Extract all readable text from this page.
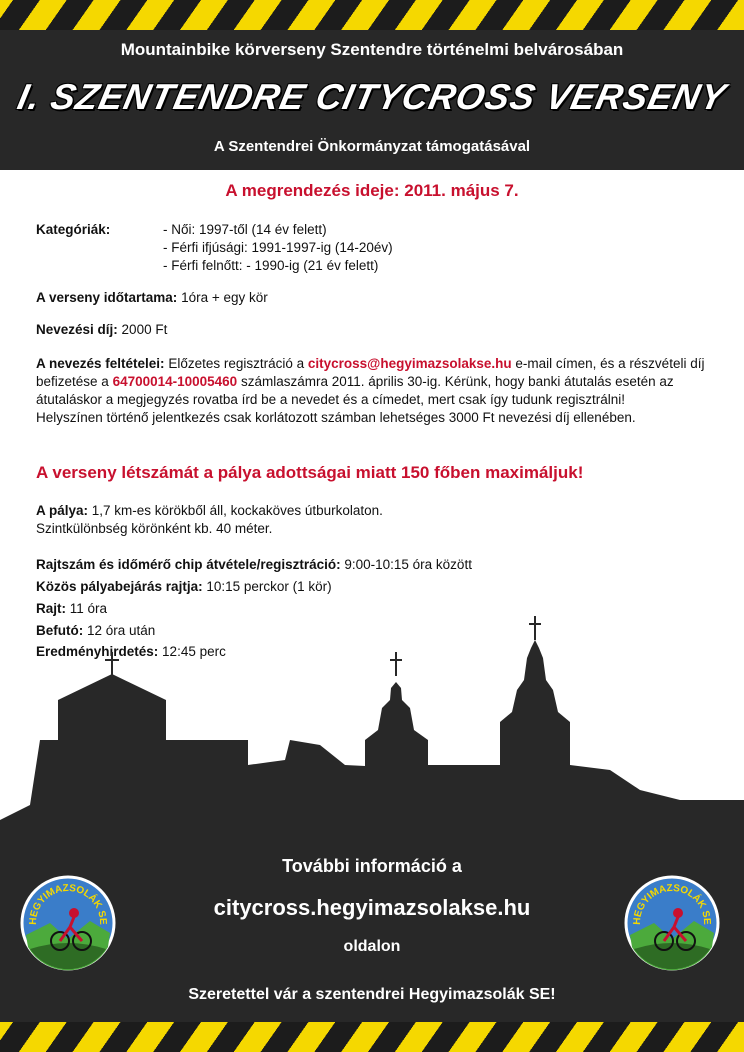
Mountainbike körverseny Szentendre történelmi belvárosában
I. SZENTENDRE CITYCROSS VERSENY
A Szentendrei Önkormányzat támogatásával
A megrendezés ideje: 2011. május 7.
Kategóriák:	- Női: 1997-től (14 év felett)
- Férfi ifjúsági: 1991-1997-ig (14-20év)
- Férfi felnőtt: - 1990-ig (21 év felett)
A verseny időtartama: 1óra + egy kör
Nevezési díj: 2000 Ft
A nevezés feltételei: Előzetes regisztráció a citycross@hegyimazsolakse.hu e-mail címen, és a részvételi díj befizetése a 64700014-10005460 számlaszámra 2011. április 30-ig. Kérünk, hogy banki átutalás esetén az átutaláskor a megjegyzés rovatba írd be a nevedet és a címedet, mert csak így tudunk regisztrálni!
Helyszínen történő jelentkezés csak korlátozott számban lehetséges 3000 Ft nevezési díj ellenében.
A verseny létszámát a pálya adottságai miatt 150 főben maximáljuk!
A pálya: 1,7 km-es körökből áll, kockaköves útburkolaton.
Szintkülönbség körönként kb. 40 méter.
Rajtszám és időmérő chip átvétele/regisztráció: 9:00-10:15 óra között
Közös pályabejárás rajtja: 10:15 perckor (1 kör)
Rajt: 11 óra
Befutó: 12 óra után
Eredményhirdetés: 12:45 perc
További információ a
citycross.hegyimazsolakse.hu
oldalon
Szeretettel vár a szentendrei Hegyimazsolák SE!
HEGYIMAZSOLÁK SE	HEGYIMAZSOLÁK SE
